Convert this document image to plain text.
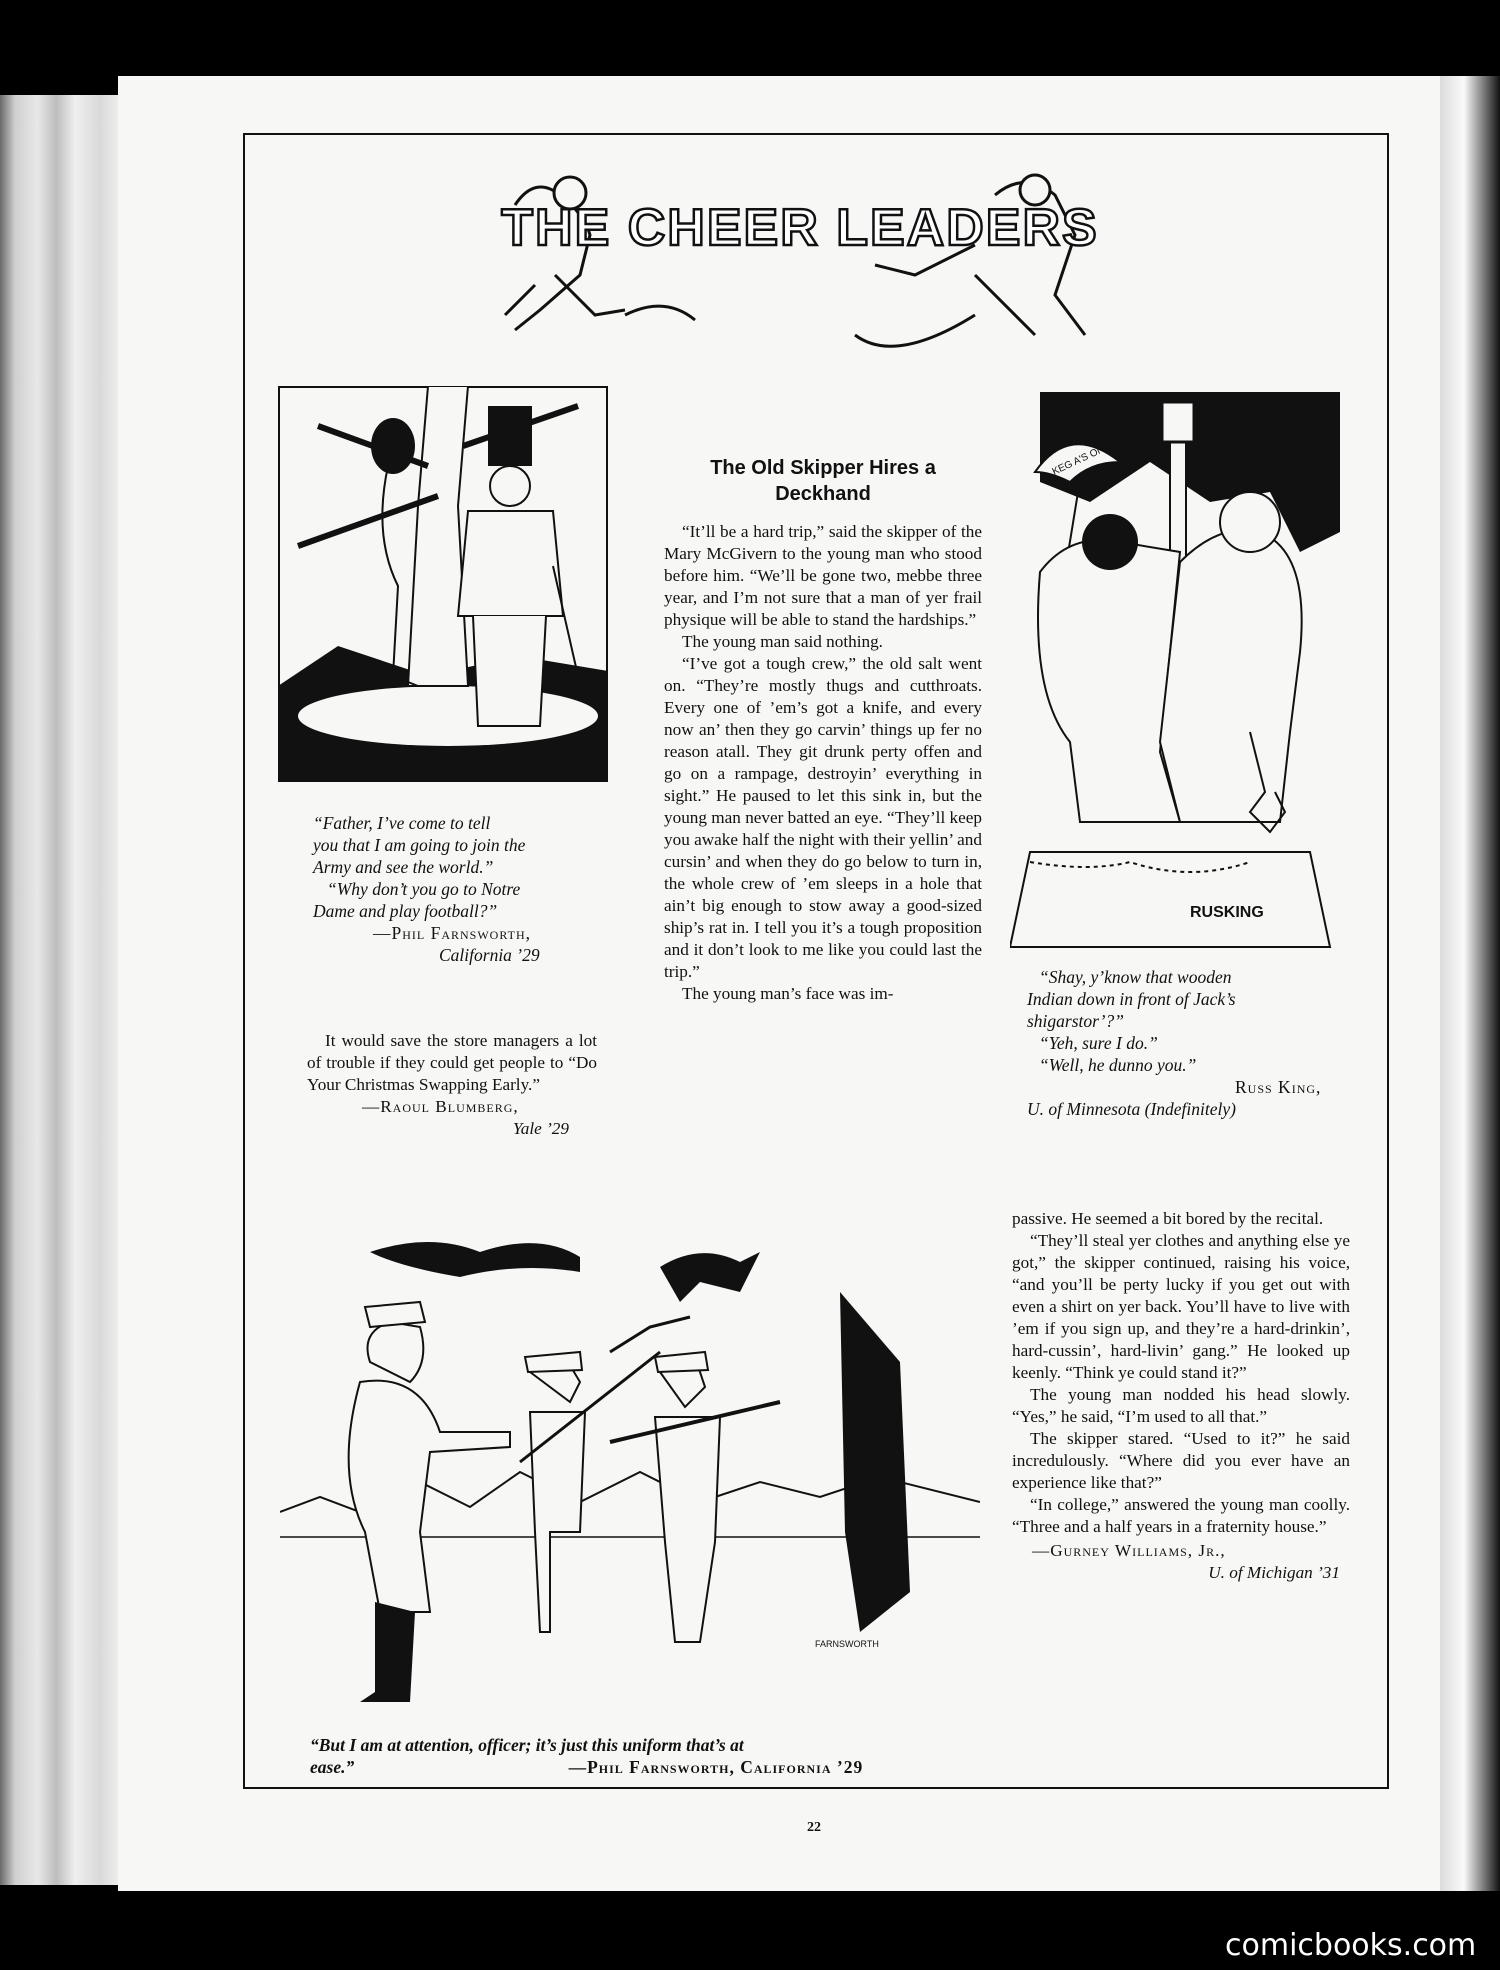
THE CHEER LEADERS
pf
“Father, I’ve come to tell
you that I am going to join the
Army and see the world.”
“Why don’t you go to Notre
Dame and play football?”
—Phil Farnsworth,
California ’29

It would save the store managers a lot of trouble if they could get people to “Do Your Christmas Swapping Early.”

—Raoul Blumberg,
Yale ’29
The Old Skipper Hires a Deckhand

“It’ll be a hard trip,” said the skipper of the Mary McGivern to the young man who stood before him. “We’ll be gone two, mebbe three year, and I’m not sure that a man of yer frail physique will be able to stand the hardships.”

The young man said nothing.

“I’ve got a tough crew,” the old salt went on. “They’re mostly thugs and cutthroats. Every one of ’em’s got a knife, and every now an’ then they go carvin’ things up fer no reason atall. They git drunk perty offen and go on a rampage, destroyin’ everything in sight.” He paused to let this sink in, but the young man never batted an eye. “They’ll keep you awake half the night with their yellin’ and cursin’ and when they do go below to turn in, the whole crew of ’em sleeps in a hole that ain’t big enough to stow away a good-sized ship’s rat in. I tell you it’s a tough proposition and it don’t look to me like you could last the trip.”

The young man’s face was im-

KEG A'S ON
RUSKING
“Shay, y’know that wooden
Indian down in front of Jack’s
shigarstor’?”
“Yeh, sure I do.”
“Well, he dunno you.”
Russ King,
U. of Minnesota (Indefinitely)
FARNSWORTH
“But I am at attention, officer; it’s just this uniform that’s at
ease.”	—Phil Farnsworth, California ’29

passive. He seemed a bit bored by the recital.

“They’ll steal yer clothes and anything else ye got,” the skipper continued, raising his voice, “and you’ll be perty lucky if you get out with even a shirt on yer back. You’ll have to live with ’em if you sign up, and they’re a hard-drinkin’, hard-cussin’, hard-livin’ gang.” He looked up keenly. “Think ye could stand it?”

The young man nodded his head slowly. “Yes,” he said, “I’m used to all that.”

The skipper stared. “Used to it?” he said incredulously. “Where did you ever have an experience like that?”

“In college,” answered the young man coolly. “Three and a half years in a fraternity house.”

—Gurney Williams, Jr.,
U. of Michigan ’31
22
comicbooks.com
